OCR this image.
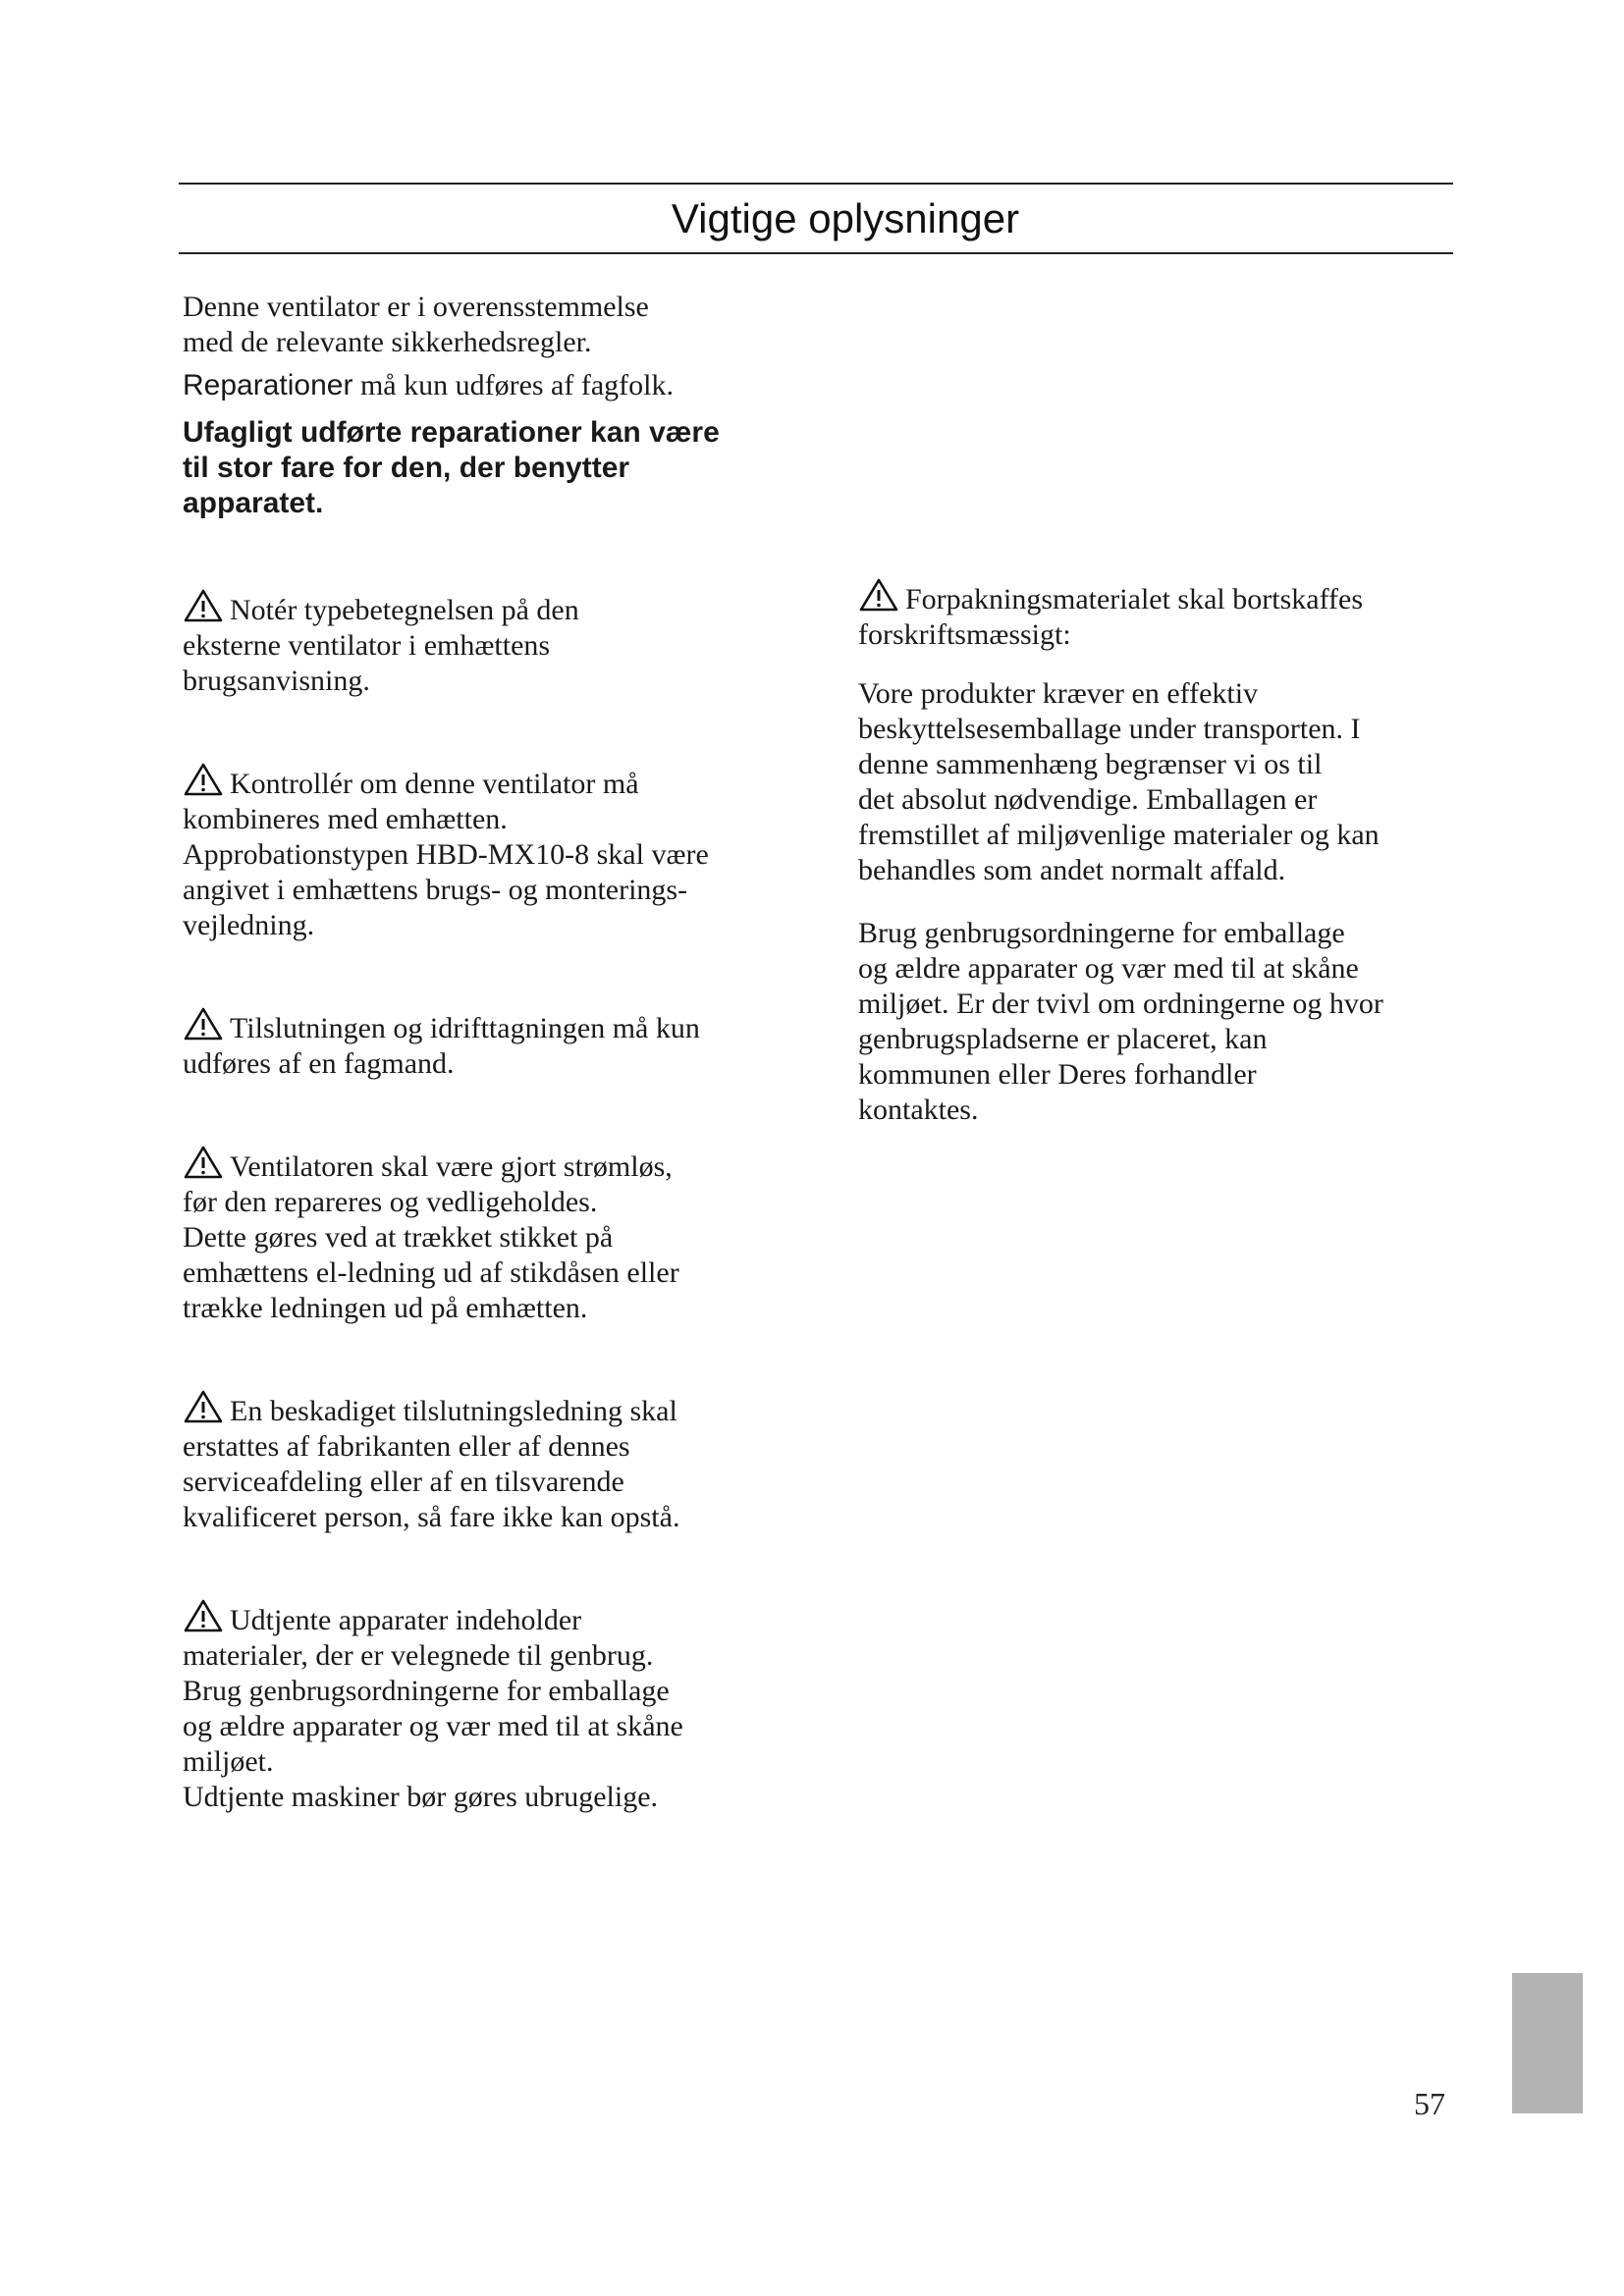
Vigtige oplysninger

Denne ventilator er i overensstemmelse
med de relevante sikkerhedsregler.

Reparationer må kun udføres af fagfolk.

Ufagligt udførte reparationer kan være
til stor fare for den, der benytter
apparatet.

Notér typebetegnelsen på den
eksterne ventilator i emhættens
brugsanvisning.

Kontrollér om denne ventilator må
kombineres med emhætten.
Approbationstypen HBD-MX10-8 skal være
angivet i emhættens brugs- og monterings-
vejledning.

Tilslutningen og idrifttagningen må kun
udføres af en fagmand.

Ventilatoren skal være gjort strømløs,
før den repareres og vedligeholdes.
Dette gøres ved at trækket stikket på
emhættens el-ledning ud af stikdåsen eller
trække ledningen ud på emhætten.

En beskadiget tilslutningsledning skal
erstattes af fabrikanten eller af dennes
serviceafdeling eller af en tilsvarende
kvalificeret person, så fare ikke kan opstå.

Udtjente apparater indeholder
materialer, der er velegnede til genbrug.
Brug genbrugsordningerne for emballage
og ældre apparater og vær med til at skåne
miljøet.
Udtjente maskiner bør gøres ubrugelige.

Forpakningsmaterialet skal bortskaffes
forskriftsmæssigt:

Vore produkter kræver en effektiv
beskyttelsesemballage under transporten. I
denne sammenhæng begrænser vi os til
det absolut nødvendige. Emballagen er
fremstillet af miljøvenlige materialer og kan
behandles som andet normalt affald.

Brug genbrugsordningerne for emballage
og ældre apparater og vær med til at skåne
miljøet. Er der tvivl om ordningerne og hvor
genbrugspladserne er placeret, kan
kommunen eller Deres forhandler
kontaktes.

57
